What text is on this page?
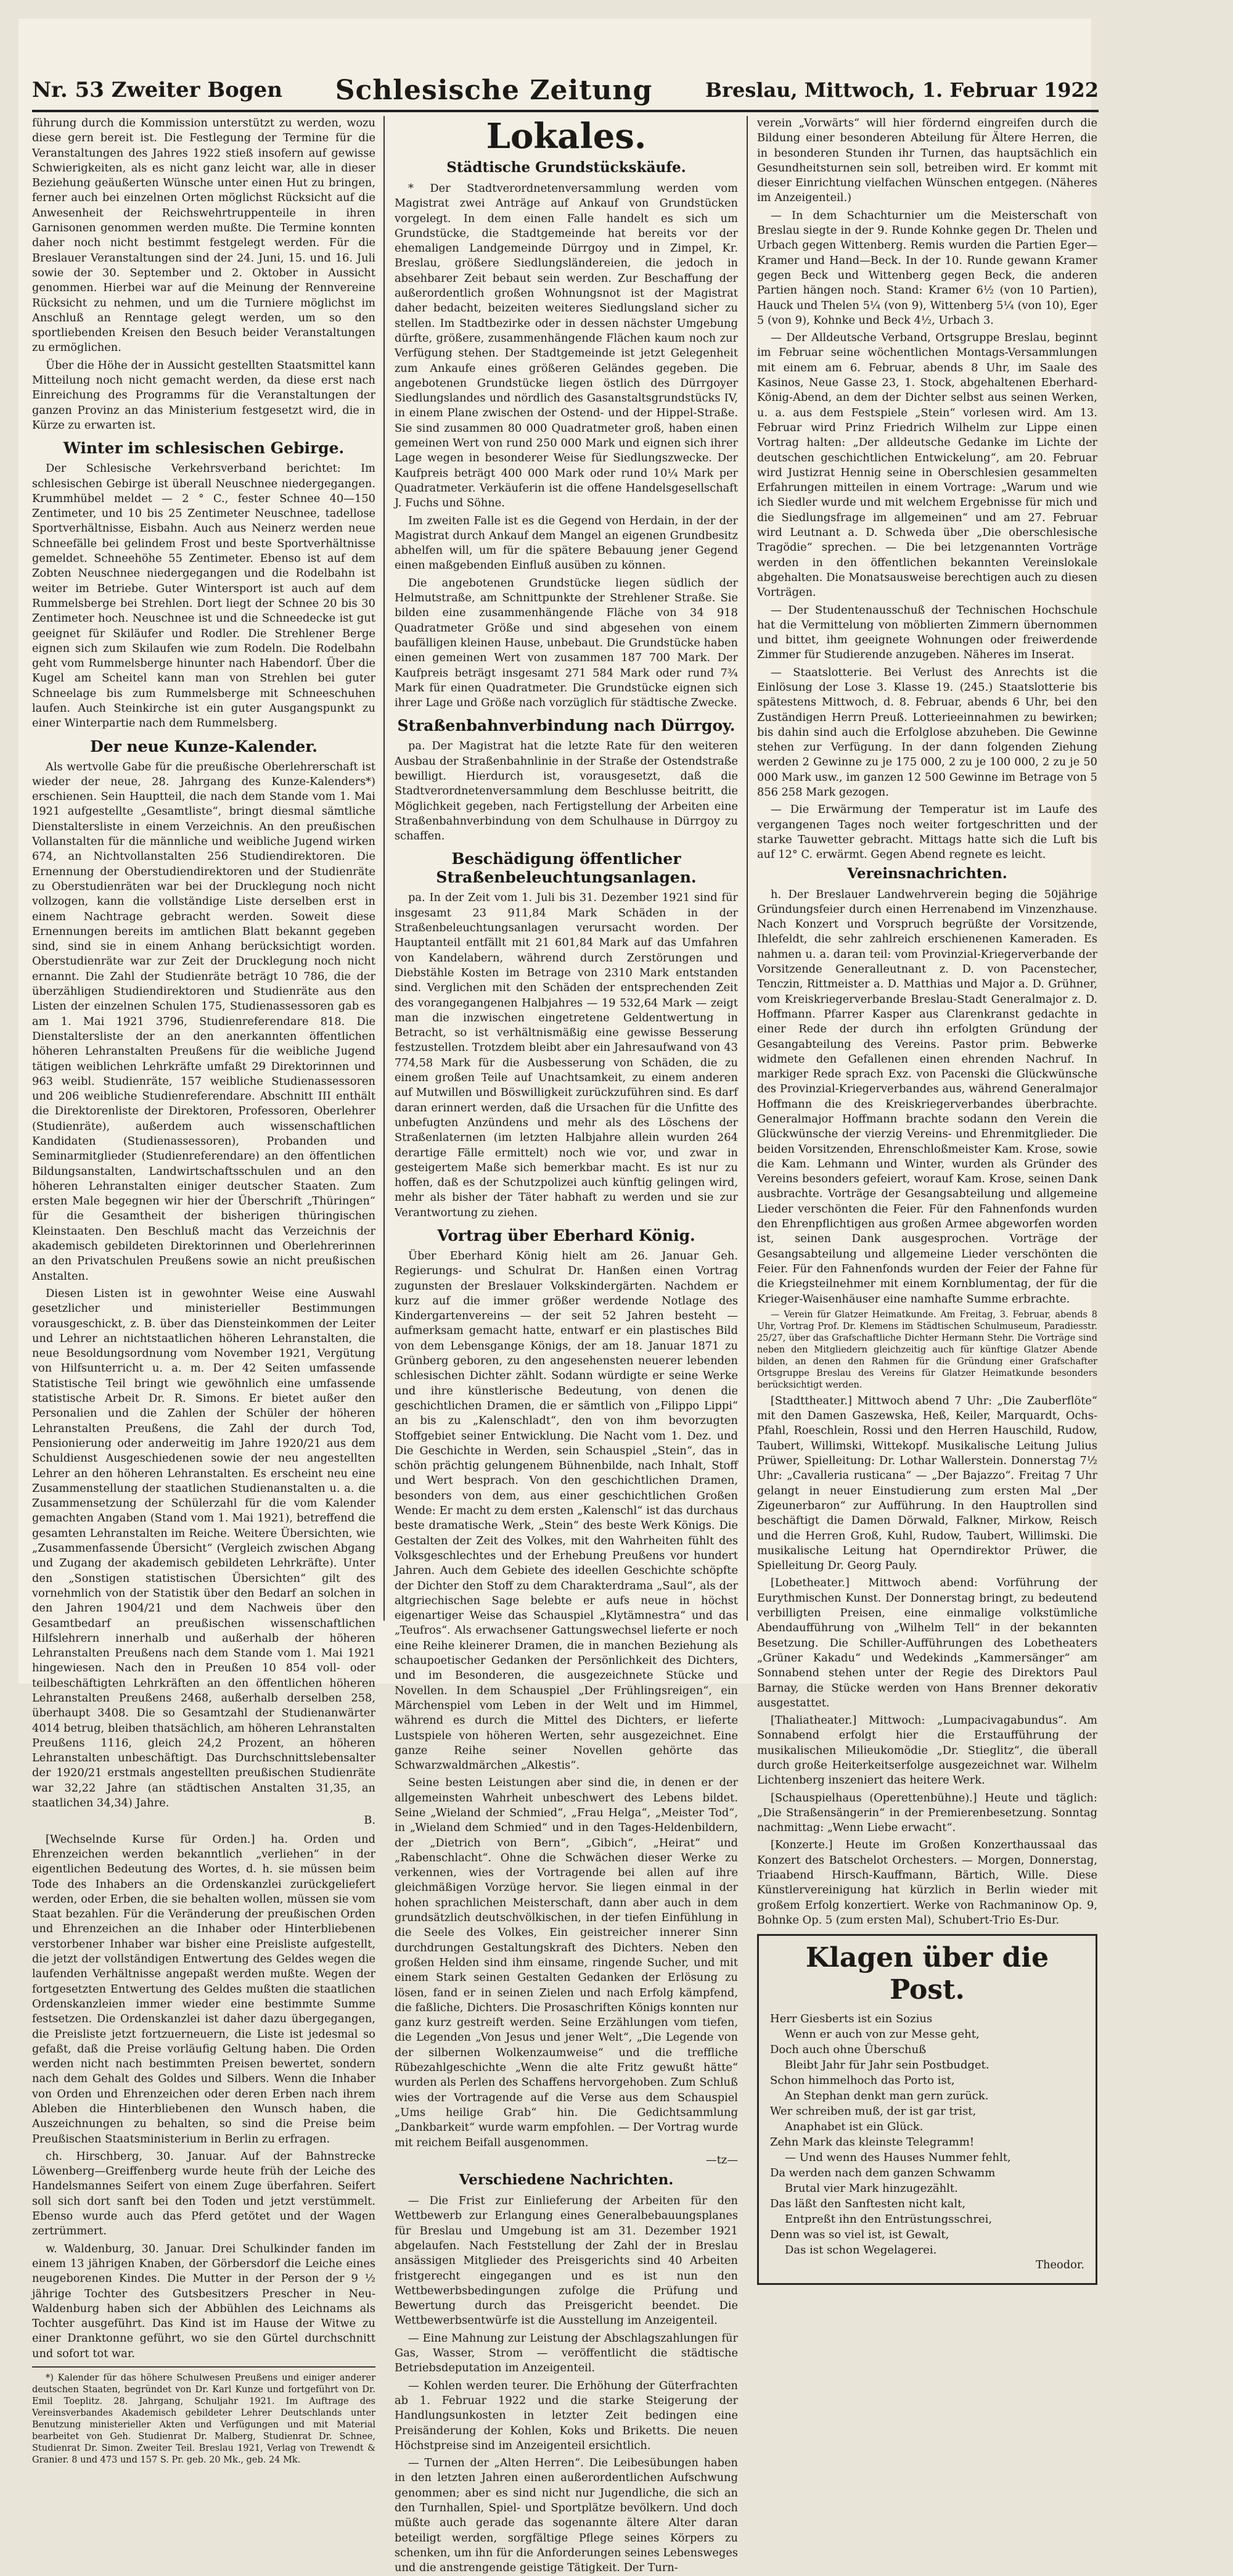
Nr. 53 Zweiter Bogen Schlesische Zeitung	Breslau, Mittwoch, 1. Februar 1922

führung durch die Kommission unterstützt zu werden, wozu diese gern bereit ist. Die Festlegung der Termine für die Veranstaltungen des Jahres 1922 stieß insofern auf gewisse Schwierigkeiten, als es nicht ganz leicht war, alle in dieser Beziehung geäußerten Wünsche unter einen Hut zu bringen, ferner auch bei einzelnen Orten möglichst Rücksicht auf die Anwesenheit der Reichswehrtruppenteile in ihren Garnisonen genommen werden mußte. Die Termine konnten daher noch nicht bestimmt festgelegt werden. Für die Breslauer Veranstaltungen sind der 24. Juni, 15. und 16. Juli sowie der 30. September und 2. Oktober in Aussicht genommen. Hierbei war auf die Meinung der Rennvereine Rücksicht zu nehmen, und um die Turniere möglichst im Anschluß an Renntage gelegt werden, um so den sportliebenden Kreisen den Besuch beider Veranstaltungen zu ermöglichen.

Über die Höhe der in Aussicht gestellten Staatsmittel kann Mitteilung noch nicht gemacht werden, da diese erst nach Einreichung des Programms für die Veranstaltungen der ganzen Provinz an das Ministerium festgesetzt wird, die in Kürze zu erwarten ist.

Winter im schlesischen Gebirge.

Der Schlesische Verkehrsverband berichtet: Im schlesischen Gebirge ist überall Neuschnee niedergegangen. Krummhübel meldet — 2 ° C., fester Schnee 40—150 Zentimeter, und 10 bis 25 Zentimeter Neuschnee, tadellose Sportverhältnisse, Eisbahn. Auch aus Neinerz werden neue Schneefälle bei gelindem Frost und beste Sportverhältnisse gemeldet. Schneehöhe 55 Zentimeter. Ebenso ist auf dem Zobten Neuschnee niedergegangen und die Rodelbahn ist weiter im Betriebe. Guter Wintersport ist auch auf dem Rummelsberge bei Strehlen. Dort liegt der Schnee 20 bis 30 Zentimeter hoch. Neuschnee ist und die Schneedecke ist gut geeignet für Skiläufer und Rodler. Die Strehlener Berge eignen sich zum Skilaufen wie zum Rodeln. Die Rodelbahn geht vom Rummelsberge hinunter nach Habendorf. Über die Kugel am Scheitel kann man von Strehlen bei guter Schneelage bis zum Rummelsberge mit Schneeschuhen laufen. Auch Steinkirche ist ein guter Ausgangspunkt zu einer Winterpartie nach dem Rummelsberg.

Der neue Kunze-Kalender.

Als wertvolle Gabe für die preußische Oberlehrerschaft ist wieder der neue, 28. Jahrgang des Kunze-Kalenders*) erschienen. Sein Hauptteil, die nach dem Stande vom 1. Mai 1921 aufgestellte „Gesamtliste“, bringt diesmal sämtliche Dienstaltersliste in einem Verzeichnis. An den preußischen Vollanstalten für die männliche und weibliche Jugend wirken 674, an Nichtvollanstalten 256 Studiendirektoren. Die Ernennung der Oberstudiendirektoren und der Studienräte zu Oberstudienräten war bei der Drucklegung noch nicht vollzogen, kann die vollständige Liste derselben erst in einem Nachtrage gebracht werden. Soweit diese Ernennungen bereits im amtlichen Blatt bekannt gegeben sind, sind sie in einem Anhang berücksichtigt worden. Oberstudienräte war zur Zeit der Drucklegung noch nicht ernannt. Die Zahl der Studienräte beträgt 10 786, die der überzähligen Studiendirektoren und Studienräte aus den Listen der einzelnen Schulen 175, Studienassessoren gab es am 1. Mai 1921 3796, Studienreferendare 818. Die Dienstaltersliste der an den anerkannten öffentlichen höheren Lehranstalten Preußens für die weibliche Jugend tätigen weiblichen Lehrkräfte umfaßt 29 Direktorinnen und 963 weibl. Studienräte, 157 weibliche Studienassessoren und 206 weibliche Studienreferendare. Abschnitt III enthält die Direktorenliste der Direktoren, Professoren, Oberlehrer (Studienräte), außerdem auch wissenschaftlichen Kandidaten (Studienassessoren), Probanden und Seminarmitglieder (Studienreferendare) an den öffentlichen Bildungsanstalten, Landwirtschaftsschulen und an den höheren Lehranstalten einiger deutscher Staaten. Zum ersten Male begegnen wir hier der Überschrift „Thüringen“ für die Gesamtheit der bisherigen thüringischen Kleinstaaten. Den Beschluß macht das Verzeichnis der akademisch gebildeten Direktorinnen und Oberlehrerinnen an den Privatschulen Preußens sowie an nicht preußischen Anstalten.

Diesen Listen ist in gewohnter Weise eine Auswahl gesetzlicher und ministerieller Bestimmungen vorausgeschickt, z. B. über das Diensteinkommen der Leiter und Lehrer an nichtstaatlichen höheren Lehranstalten, die neue Besoldungsordnung vom November 1921, Vergütung von Hilfsunterricht u. a. m. Der 42 Seiten umfassende Statistische Teil bringt wie gewöhnlich eine umfassende statistische Arbeit Dr. R. Simons. Er bietet außer den Personalien und die Zahlen der Schüler der höheren Lehranstalten Preußens, die Zahl der durch Tod, Pensionierung oder anderweitig im Jahre 1920/21 aus dem Schuldienst Ausgeschiedenen sowie der neu angestellten Lehrer an den höheren Lehranstalten. Es erscheint neu eine Zusammenstellung der staatlichen Studienanstalten u. a. die Zusammensetzung der Schülerzahl für die vom Kalender gemachten Angaben (Stand vom 1. Mai 1921), betreffend die gesamten Lehranstalten im Reiche. Weitere Übersichten, wie „Zusammenfassende Übersicht“ (Vergleich zwischen Abgang und Zugang der akademisch gebildeten Lehrkräfte). Unter den „Sonstigen statistischen Übersichten“ gilt des vornehmlich von der Statistik über den Bedarf an solchen in den Jahren 1904/21 und dem Nachweis über den Gesamtbedarf an preußischen wissenschaftlichen Hilfslehrern innerhalb und außerhalb der höheren Lehranstalten Preußens nach dem Stande vom 1. Mai 1921 hingewiesen. Nach den in Preußen 10 854 voll- oder teilbeschäftigten Lehrkräften an den öffentlichen höheren Lehranstalten Preußens 2468, außerhalb derselben 258, überhaupt 3408. Die so Gesamtzahl der Studienanwärter 4014 betrug, bleiben thatsächlich, am höheren Lehranstalten Preußens 1116, gleich 24,2 Prozent, an höheren Lehranstalten unbeschäftigt. Das Durchschnittslebensalter der 1920/21 erstmals angestellten preußischen Studienräte war 32,22 Jahre (an städtischen Anstalten 31,35, an staatlichen 34,34) Jahre.

B.

[Wechselnde Kurse für Orden.] ha. Orden und Ehrenzeichen werden bekanntlich „verliehen“ in der eigentlichen Bedeutung des Wortes, d. h. sie müssen beim Tode des Inhabers an die Ordenskanzlei zurückgeliefert werden, oder Erben, die sie behalten wollen, müssen sie vom Staat bezahlen. Für die Veränderung der preußischen Orden und Ehrenzeichen an die Inhaber oder Hinterbliebenen verstorbener Inhaber war bisher eine Preisliste aufgestellt, die jetzt der vollständigen Entwertung des Geldes wegen die laufenden Verhältnisse angepaßt werden mußte. Wegen der fortgesetzten Entwertung des Geldes mußten die staatlichen Ordenskanzleien immer wieder eine bestimmte Summe festsetzen. Die Ordenskanzlei ist daher dazu übergegangen, die Preisliste jetzt fortzuerneuern, die Liste ist jedesmal so gefaßt, daß die Preise vorläufig Geltung haben. Die Orden werden nicht nach bestimmten Preisen bewertet, sondern nach dem Gehalt des Goldes und Silbers. Wenn die Inhaber von Orden und Ehrenzeichen oder deren Erben nach ihrem Ableben die Hinterbliebenen den Wunsch haben, die Auszeichnungen zu behalten, so sind die Preise beim Preußischen Staatsministerium in Berlin zu erfragen.

ch. Hirschberg, 30. Januar. Auf der Bahnstrecke Löwenberg—Greiffenberg wurde heute früh der Leiche des Handelsmannes Seifert von einem Zuge überfahren. Seifert soll sich dort sanft bei den Toden und jetzt verstümmelt. Ebenso wurde auch das Pferd getötet und der Wagen zertrümmert.

w. Waldenburg, 30. Januar. Drei Schulkinder fanden im einem 13 jährigen Knaben, der Görbersdorf die Leiche eines neugeborenen Kindes. Die Mutter in der Person der 9 ½ jährige Tochter des Gutsbesitzers Prescher in Neu-Waldenburg haben sich der Abbühlen des Leichnams als Tochter ausgeführt. Das Kind ist im Hause der Witwe zu einer Dranktonne geführt, wo sie den Gürtel durchschnitt und sofort tot war.

*) Kalender für das höhere Schulwesen Preußens und einiger anderer deutschen Staaten, begründet von Dr. Karl Kunze und fortgeführt von Dr. Emil Toeplitz. 28. Jahrgang, Schuljahr 1921. Im Auftrage des Vereinsverbandes Akademisch gebildeter Lehrer Deutschlands unter Benutzung ministerieller Akten und Verfügungen und mit Material bearbeitet von Geh. Studienrat Dr. Malberg, Studienrat Dr. Schnee, Studienrat Dr. Simon. Zweiter Teil. Breslau 1921, Verlag von Trewendt & Granier. 8 und 473 und 157 S. Pr. geb. 20 Mk., geb. 24 Mk.

Lokales.
Städtische Grundstückskäufe.

* Der Stadtverordnetenversammlung werden vom Magistrat zwei Anträge auf Ankauf von Grundstücken vorgelegt. In dem einen Falle handelt es sich um Grundstücke, die Stadtgemeinde hat bereits vor der ehemaligen Landgemeinde Dürrgoy und in Zimpel, Kr. Breslau, größere Siedlungsländereien, die jedoch in absehbarer Zeit bebaut sein werden. Zur Beschaffung der außerordentlich großen Wohnungsnot ist der Magistrat daher bedacht, beizeiten weiteres Siedlungsland sicher zu stellen. Im Stadtbezirke oder in dessen nächster Umgebung dürfte, größere, zusammenhängende Flächen kaum noch zur Verfügung stehen. Der Stadtgemeinde ist jetzt Gelegenheit zum Ankaufe eines größeren Geländes gegeben. Die angebotenen Grundstücke liegen östlich des Dürrgoyer Siedlungslandes und nördlich des Gasanstaltsgrundstücks IV, in einem Plane zwischen der Ostend- und der Hippel-Straße. Sie sind zusammen 80 000 Quadratmeter groß, haben einen gemeinen Wert von rund 250 000 Mark und eignen sich ihrer Lage wegen in besonderer Weise für Siedlungszwecke. Der Kaufpreis beträgt 400 000 Mark oder rund 10¼ Mark per Quadratmeter. Verkäuferin ist die offene Handelsgesellschaft J. Fuchs und Söhne.

Im zweiten Falle ist es die Gegend von Herdain, in der der Magistrat durch Ankauf dem Mangel an eigenen Grundbesitz abhelfen will, um für die spätere Bebauung jener Gegend einen maßgebenden Einfluß ausüben zu können.

Die angebotenen Grundstücke liegen südlich der Helmutstraße, am Schnittpunkte der Strehlener Straße. Sie bilden eine zusammenhängende Fläche von 34 918 Quadratmeter Größe und sind abgesehen von einem baufälligen kleinen Hause, unbebaut. Die Grundstücke haben einen gemeinen Wert von zusammen 187 700 Mark. Der Kaufpreis beträgt insgesamt 271 584 Mark oder rund 7¾ Mark für einen Quadratmeter. Die Grundstücke eignen sich ihrer Lage und Größe nach vorzüglich für städtische Zwecke.

Straßenbahnverbindung nach Dürrgoy.

pa. Der Magistrat hat die letzte Rate für den weiteren Ausbau der Straßenbahnlinie in der Straße der Ostendstraße bewilligt. Hierdurch ist, vorausgesetzt, daß die Stadtverordnetenversammlung dem Beschlusse beitritt, die Möglichkeit gegeben, nach Fertigstellung der Arbeiten eine Straßenbahnverbindung von dem Schulhause in Dürrgoy zu schaffen.

Beschädigung öffentlicher Straßenbeleuchtungsanlagen.

pa. In der Zeit vom 1. Juli bis 31. Dezember 1921 sind für insgesamt 23 911,84 Mark Schäden in der Straßenbeleuchtungsanlagen verursacht worden. Der Hauptanteil entfällt mit 21 601,84 Mark auf das Umfahren von Kandelabern, während durch Zerstörungen und Diebstähle Kosten im Betrage von 2310 Mark entstanden sind. Verglichen mit den Schäden der entsprechenden Zeit des vorangegangenen Halbjahres — 19 532,64 Mark — zeigt man die inzwischen eingetretene Geldentwertung in Betracht, so ist verhältnismäßig eine gewisse Besserung festzustellen. Trotzdem bleibt aber ein Jahresaufwand von 43 774,58 Mark für die Ausbesserung von Schäden, die zu einem großen Teile auf Unachtsamkeit, zu einem anderen auf Mutwillen und Böswilligkeit zurückzuführen sind. Es darf daran erinnert werden, daß die Ursachen für die Unfitte des unbefugten Anzündens und mehr als des Löschens der Straßenlaternen (im letzten Halbjahre allein wurden 264 derartige Fälle ermittelt) noch wie vor, und zwar in gesteigertem Maße sich bemerkbar macht. Es ist nur zu hoffen, daß es der Schutzpolizei auch künftig gelingen wird, mehr als bisher der Täter habhaft zu werden und sie zur Verantwortung zu ziehen.

Vortrag über Eberhard König.

Über Eberhard König hielt am 26. Januar Geh. Regierungs- und Schulrat Dr. Hanßen einen Vortrag zugunsten der Breslauer Volkskindergärten. Nachdem er kurz auf die immer größer werdende Notlage des Kindergartenvereins — der seit 52 Jahren besteht — aufmerksam gemacht hatte, entwarf er ein plastisches Bild von dem Lebensgange Königs, der am 18. Januar 1871 zu Grünberg geboren, zu den angesehensten neuerer lebenden schlesischen Dichter zählt. Sodann würdigte er seine Werke und ihre künstlerische Bedeutung, von denen die geschichtlichen Dramen, die er sämtlich von „Filippo Lippi“ an bis zu „Kalenschladt“, den von ihm bevorzugten Stoffgebiet seiner Entwicklung. Die Nacht vom 1. Dez. und Die Geschichte in Werden, sein Schauspiel „Stein“, das in schön prächtig gelungenem Bühnenbilde, nach Inhalt, Stoff und Wert besprach. Von den geschichtlichen Dramen, besonders von dem, aus einer geschichtlichen Großen Wende: Er macht zu dem ersten „Kalenschl“ ist das durchaus beste dramatische Werk, „Stein“ des beste Werk Königs. Die Gestalten der Zeit des Volkes, mit den Wahrheiten fühlt des Volksgeschlechtes und der Erhebung Preußens vor hundert Jahren. Auch dem Gebiete des ideellen Geschichte schöpfte der Dichter den Stoff zu dem Charakterdrama „Saul“, als der altgriechischen Sage belebte er aufs neue in höchst eigenartiger Weise das Schauspiel „Klytämnestra“ und das „Teufros“. Als erwachsener Gattungswechsel lieferte er noch eine Reihe kleinerer Dramen, die in manchen Beziehung als schaupoetischer Gedanken der Persönlichkeit des Dichters, und im Besonderen, die ausgezeichnete Stücke und Novellen. In dem Schauspiel „Der Frühlingsreigen“, ein Märchenspiel vom Leben in der Welt und im Himmel, während es durch die Mittel des Dichters, er lieferte Lustspiele von höheren Werten, sehr ausgezeichnet. Eine ganze Reihe seiner Novellen gehörte das Schwarzwaldmärchen „Alkestis“.

Seine besten Leistungen aber sind die, in denen er der allgemeinsten Wahrheit unbeschwert des Lebens bildet. Seine „Wieland der Schmied“, „Frau Helga“, „Meister Tod“, in „Wieland dem Schmied“ und in den Tages-Heldenbildern, der „Dietrich von Bern“, „Gibich“, „Heirat“ und „Rabenschlacht“. Ohne die Schwächen dieser Werke zu verkennen, wies der Vortragende bei allen auf ihre gleichmäßigen Vorzüge hervor. Sie liegen einmal in der hohen sprachlichen Meisterschaft, dann aber auch in dem grundsätzlich deutschvölkischen, in der tiefen Einfühlung in die Seele des Volkes, Ein geistreicher innerer Sinn durchdrungen Gestaltungskraft des Dichters. Neben den großen Helden sind ihm einsame, ringende Sucher, und mit einem Stark seinen Gestalten Gedanken der Erlösung zu lösen, fand er in seinen Zielen und nach Erfolg kämpfend, die faßliche, Dichters. Die Prosaschriften Königs konnten nur ganz kurz gestreift werden. Seine Erzählungen vom tiefen, die Legenden „Von Jesus und jener Welt“, „Die Legende von der silbernen Wolkenzaumweise“ und die treffliche Rübezahlgeschichte „Wenn die alte Fritz gewußt hätte“ wurden als Perlen des Schaffens hervorgehoben. Zum Schluß wies der Vortragende auf die Verse aus dem Schauspiel „Ums heilige Grab“ hin. Die Gedichtsammlung „Dankbarkeit“ wurde warm empfohlen. — Der Vortrag wurde mit reichem Beifall ausgenommen.

—tz—
Verschiedene Nachrichten.

— Die Frist zur Einlieferung der Arbeiten für den Wettbewerb zur Erlangung eines Generalbebauungsplanes für Breslau und Umgebung ist am 31. Dezember 1921 abgelaufen. Nach Feststellung der Zahl der in Breslau ansässigen Mitglieder des Preisgerichts sind 40 Arbeiten fristgerecht eingegangen und es ist nun den Wettbewerbsbedingungen zufolge die Prüfung und Bewertung durch das Preisgericht beendet. Die Wettbewerbsentwürfe ist die Ausstellung im Anzeigenteil.

— Eine Mahnung zur Leistung der Abschlagszahlungen für Gas, Wasser, Strom — veröffentlicht die städtische Betriebsdeputation im Anzeigenteil.

— Kohlen werden teurer. Die Erhöhung der Güterfrachten ab 1. Februar 1922 und die starke Steigerung der Handlungsunkosten in letzter Zeit bedingen eine Preisänderung der Kohlen, Koks und Briketts. Die neuen Höchstpreise sind im Anzeigenteil ersichtlich.

— Turnen der „Alten Herren“. Die Leibesübungen haben in den letzten Jahren einen außerordentlichen Aufschwung genommen; aber es sind nicht nur Jugendliche, die sich an den Turnhallen, Spiel- und Sportplätze bevölkern. Und doch müßte auch gerade das sogenannte ältere Alter daran beteiligt werden, sorgfältige Pflege seines Körpers zu schenken, um ihn für die Anforderungen seines Lebensweges und die anstrengende geistige Tätigkeit. Der Turn-

verein „Vorwärts“ will hier fördernd eingreifen durch die Bildung einer besonderen Abteilung für Ältere Herren, die in besonderen Stunden ihr Turnen, das hauptsächlich ein Gesundheitsturnen sein soll, betreiben wird. Er kommt mit dieser Einrichtung vielfachen Wünschen entgegen. (Näheres im Anzeigenteil.)

— In dem Schachturnier um die Meisterschaft von Breslau siegte in der 9. Runde Kohnke gegen Dr. Thelen und Urbach gegen Wittenberg. Remis wurden die Partien Eger—Kramer und Hand—Beck. In der 10. Runde gewann Kramer gegen Beck und Wittenberg gegen Beck, die anderen Partien hängen noch. Stand: Kramer 6½ (von 10 Partien), Hauck und Thelen 5¼ (von 9), Wittenberg 5¼ (von 10), Eger 5 (von 9), Kohnke und Beck 4½, Urbach 3.

— Der Alldeutsche Verband, Ortsgruppe Breslau, beginnt im Februar seine wöchentlichen Montags-Versammlungen mit einem am 6. Februar, abends 8 Uhr, im Saale des Kasinos, Neue Gasse 23, 1. Stock, abgehaltenen Eberhard-König-Abend, an dem der Dichter selbst aus seinen Werken, u. a. aus dem Festspiele „Stein“ vorlesen wird. Am 13. Februar wird Prinz Friedrich Wilhelm zur Lippe einen Vortrag halten: „Der alldeutsche Gedanke im Lichte der deutschen geschichtlichen Entwickelung“, am 20. Februar wird Justizrat Hennig seine in Oberschlesien gesammelten Erfahrungen mitteilen in einem Vortrage: „Warum und wie ich Siedler wurde und mit welchem Ergebnisse für mich und die Siedlungsfrage im allgemeinen“ und am 27. Februar wird Leutnant a. D. Schweda über „Die oberschlesische Tragödie“ sprechen. — Die bei letzgenannten Vorträge werden in den öffentlichen bekannten Vereinslokale abgehalten. Die Monatsausweise berechtigen auch zu diesen Vorträgen.

— Der Studentenausschuß der Technischen Hochschule hat die Vermittelung von möblierten Zimmern übernommen und bittet, ihm geeignete Wohnungen oder freiwerdende Zimmer für Studierende anzugeben. Näheres im Inserat.

— Staatslotterie. Bei Verlust des Anrechts ist die Einlösung der Lose 3. Klasse 19. (245.) Staatslotterie bis spätestens Mittwoch, d. 8. Februar, abends 6 Uhr, bei den Zuständigen Herrn Preuß. Lotterieeinnahmen zu bewirken; bis dahin sind auch die Erfolglose abzuheben. Die Gewinne stehen zur Verfügung. In der dann folgenden Ziehung werden 2 Gewinne zu je 175 000, 2 zu je 100 000, 2 zu je 50 000 Mark usw., im ganzen 12 500 Gewinne im Betrage von 5 856 258 Mark gezogen.

— Die Erwärmung der Temperatur ist im Laufe des vergangenen Tages noch weiter fortgeschritten und der starke Tauwetter gebracht. Mittags hatte sich die Luft bis auf 12° C. erwärmt. Gegen Abend regnete es leicht.

Vereinsnachrichten.

h. Der Breslauer Landwehrverein beging die 50jährige Gründungsfeier durch einen Herrenabend im Vinzenzhause. Nach Konzert und Vorspruch begrüßte der Vorsitzende, Ihlefeldt, die sehr zahlreich erschienenen Kameraden. Es nahmen u. a. daran teil: vom Provinzial-Kriegerverbande der Vorsitzende Generalleutnant z. D. von Pacenstecher, Tenczin, Rittmeister a. D. Matthias und Major a. D. Grühner, vom Kreiskriegerverbande Breslau-Stadt Generalmajor z. D. Hoffmann. Pfarrer Kasper aus Clarenkranst gedachte in einer Rede der durch ihn erfolgten Gründung der Gesangabteilung des Vereins. Pastor prim. Bebwerke widmete den Gefallenen einen ehrenden Nachruf. In markiger Rede sprach Exz. von Pacenski die Glückwünsche des Provinzial-Kriegerverbandes aus, während Generalmajor Hoffmann die des Kreiskriegerverbandes überbrachte. Generalmajor Hoffmann brachte sodann den Verein die Glückwünsche der vierzig Vereins- und Ehrenmitglieder. Die beiden Vorsitzenden, Ehrenschloßmeister Kam. Krose, sowie die Kam. Lehmann und Winter, wurden als Gründer des Vereins besonders gefeiert, worauf Kam. Krose, seinen Dank ausbrachte. Vorträge der Gesangsabteilung und allgemeine Lieder verschönten die Feier. Für den Fahnenfonds wurden den Ehrenpflichtigen aus großen Armee abgeworfen worden ist, seinen Dank ausgesprochen. Vorträge der Gesangsabteilung und allgemeine Lieder verschönten die Feier. Für den Fahnenfonds wurden der Feier der Fahne für die Kriegsteilnehmer mit einem Kornblumentag, der für die Krieger-Waisenhäuser eine namhafte Summe erbrachte.

— Verein für Glatzer Heimatkunde. Am Freitag, 3. Februar, abends 8 Uhr, Vortrag Prof. Dr. Klemens im Städtischen Schulmuseum, Paradiesstr. 25/27, über das Grafschaftliche Dichter Hermann Stehr. Die Vorträge sind neben den Mitgliedern gleichzeitig auch für künftige Glatzer Abende bilden, an denen den Rahmen für die Gründung einer Grafschafter Ortsgruppe Breslau des Vereins für Glatzer Heimatkunde besonders berücksichtigt werden.

[Stadttheater.] Mittwoch abend 7 Uhr: „Die Zauberflöte“ mit den Damen Gaszewska, Heß, Keiler, Marquardt, Ochs-Pfahl, Roeschlein, Rossi und den Herren Hauschild, Rudow, Taubert, Willimski, Wittekopf. Musikalische Leitung Julius Prüwer, Spielleitung: Dr. Lothar Wallerstein. Donnerstag 7½ Uhr: „Cavalleria rusticana“ — „Der Bajazzo“. Freitag 7 Uhr gelangt in neuer Einstudierung zum ersten Mal „Der Zigeunerbaron“ zur Aufführung. In den Hauptrollen sind beschäftigt die Damen Dörwald, Falkner, Mirkow, Reisch und die Herren Groß, Kuhl, Rudow, Taubert, Willimski. Die musikalische Leitung hat Operndirektor Prüwer, die Spielleitung Dr. Georg Pauly.

[Lobetheater.] Mittwoch abend: Vorführung der Eurythmischen Kunst. Der Donnerstag bringt, zu bedeutend verbilligten Preisen, eine einmalige volkstümliche Abendaufführung von „Wilhelm Tell“ in der bekannten Besetzung. Die Schiller-Aufführungen des Lobetheaters „Grüner Kakadu“ und Wedekinds „Kammersänger“ am Sonnabend stehen unter der Regie des Direktors Paul Barnay, die Stücke werden von Hans Brenner dekorativ ausgestattet.

[Thaliatheater.] Mittwoch: „Lumpacivagabundus“. Am Sonnabend erfolgt hier die Erstaufführung der musikalischen Milieukomödie „Dr. Stieglitz“, die überall durch große Heiterkeitserfolge ausgezeichnet war. Wilhelm Lichtenberg inszeniert das heitere Werk.

[Schauspielhaus (Operettenbühne).] Heute und täglich: „Die Straßensängerin“ in der Premierenbesetzung. Sonntag nachmittag: „Wenn Liebe erwacht“.

[Konzerte.] Heute im Großen Konzerthaussaal das Konzert des Batschelot Orchesters. — Morgen, Donnerstag, Triaabend Hirsch-Kauffmann, Bärtich, Wille. Diese Künstlervereinigung hat kürzlich in Berlin wieder mit großem Erfolg konzertiert. Werke von Rachmaninow Op. 9, Bohnke Op. 5 (zum ersten Mal), Schubert-Trio Es-Dur.

Klagen über die Post.

Herr Giesberts ist ein Sozius

Wenn er auch von zur Messe geht,

Doch auch ohne Überschuß

Bleibt Jahr für Jahr sein Postbudget.

Schon himmelhoch das Porto ist,

An Stephan denkt man gern zurück.

Wer schreiben muß, der ist gar trist,

Anaphabet ist ein Glück.

Zehn Mark das kleinste Telegramm!

— Und wenn des Hauses Nummer fehlt,

Da werden nach dem ganzen Schwamm

Brutal vier Mark hinzugezählt.

Das läßt den Sanftesten nicht kalt,

Entpreßt ihn den Entrüstungsschrei,

Denn was so viel ist, ist Gewalt,

Das ist schon Wegelagerei.

Theodor.
